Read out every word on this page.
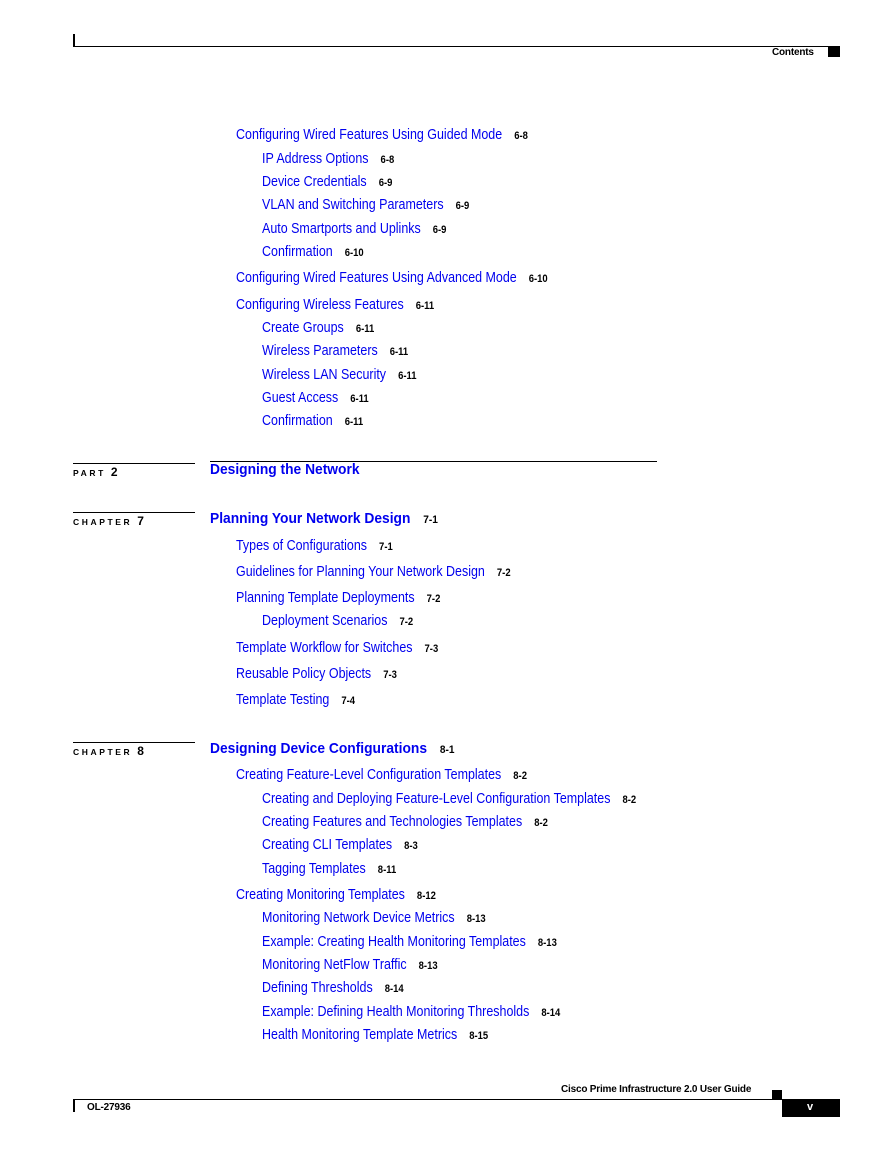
Contents
Configuring Wired Features Using Guided Mode 6-8
IP Address Options 6-8
Device Credentials 6-9
VLAN and Switching Parameters 6-9
Auto Smartports and Uplinks 6-9
Confirmation 6-10
Configuring Wired Features Using Advanced Mode 6-10
Configuring Wireless Features 6-11
Create Groups 6-11
Wireless Parameters 6-11
Wireless LAN Security 6-11
Guest Access 6-11
Confirmation 6-11
PART 2	Designing the Network
CHAPTER 7	Planning Your Network Design 7-1
Types of Configurations 7-1
Guidelines for Planning Your Network Design 7-2
Planning Template Deployments 7-2
Deployment Scenarios 7-2
Template Workflow for Switches 7-3
Reusable Policy Objects 7-3
Template Testing 7-4
CHAPTER 8	Designing Device Configurations 8-1
Creating Feature-Level Configuration Templates 8-2
Creating and Deploying Feature-Level Configuration Templates 8-2
Creating Features and Technologies Templates 8-2
Creating CLI Templates 8-3
Tagging Templates 8-11
Creating Monitoring Templates 8-12
Monitoring Network Device Metrics 8-13
Example: Creating Health Monitoring Templates 8-13
Monitoring NetFlow Traffic 8-13
Defining Thresholds 8-14
Example: Defining Health Monitoring Thresholds 8-14
Health Monitoring Template Metrics 8-15
Cisco Prime Infrastructure 2.0 User Guide
OL-27936	v
